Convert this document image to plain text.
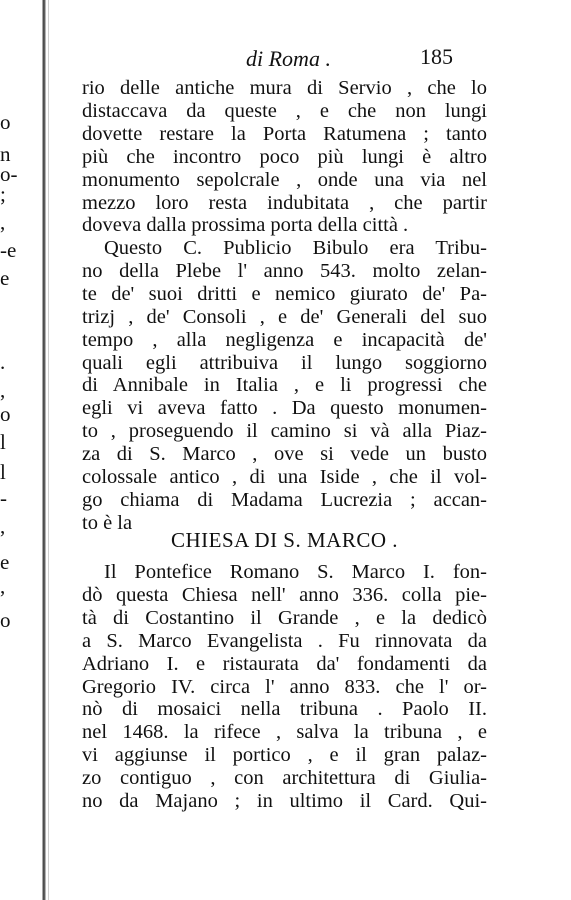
o
n
o-
;
,
-e
e
.
,
o
l
l
-
,
e
,
o
di Roma .	185
rio delle antiche mura di Servio , che lo
distaccava da queste , e che non lungi
dovette restare la Porta Ratumena ; tanto
più che incontro poco più lungi è altro
monumento sepolcrale , onde una via nel
mezzo loro resta indubitata , che partir
doveva dalla prossima porta della città .
Questo C. Publicio Bibulo era Tribu-
no della Plebe l' anno 543. molto zelan-
te de' suoi dritti e nemico giurato de' Pa-
trizj , de' Consoli , e de' Generali del suo
tempo , alla negligenza e incapacità de'
quali egli attribuiva il lungo soggiorno
di Annibale in Italia , e li progressi che
egli vi aveva fatto . Da questo monumen-
to , proseguendo il camino si và alla Piaz-
za di S. Marco , ove si vede un busto
colossale antico , di una Iside , che il vol-
go chiama di Madama Lucrezia ; accan-
to è la
CHIESA DI S. MARCO .
Il Pontefice Romano S. Marco I. fon-
dò questa Chiesa nell' anno 336. colla pie-
tà di Costantino il Grande , e la dedicò
a S. Marco Evangelista . Fu rinnovata da
Adriano I. e ristaurata da' fondamenti da
Gregorio IV. circa l' anno 833. che l' or-
nò di mosaici nella tribuna . Paolo II.
nel 1468. la rifece , salva la tribuna , e
vi aggiunse il portico , e il gran palaz-
zo contiguo , con architettura di Giulia-
no da Majano ; in ultimo il Card. Qui-
